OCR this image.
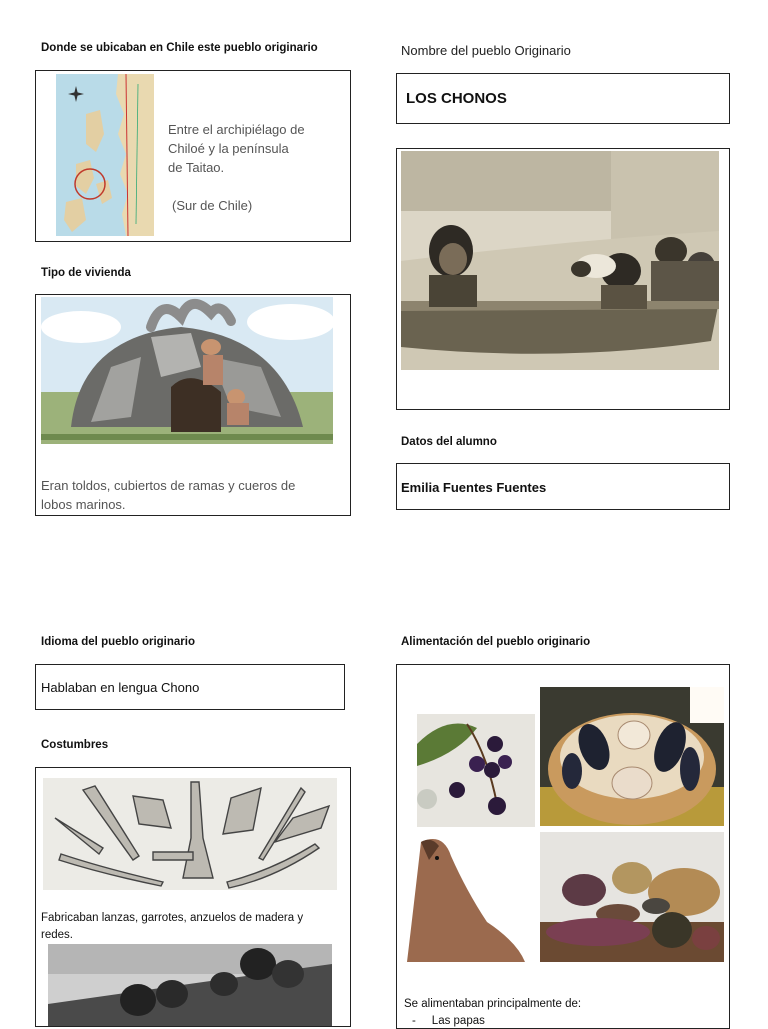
Donde se ubicaban en Chile este pueblo originario
Entre el archipiélago de
Chiloé y la península
de Taitao.
(Sur de Chile)
Nombre del pueblo Originario
LOS CHONOS
Tipo de vivienda
Eran toldos, cubiertos de ramas y cueros de
lobos marinos.
Datos del alumno
Emilia Fuentes Fuentes
Idioma del pueblo originario
Hablaban en lengua Chono
Costumbres
Fabricaban lanzas, garrotes, anzuelos de madera y
redes.
Alimentación del pueblo originario
Se alimentaban principalmente de:
-     Las papas
